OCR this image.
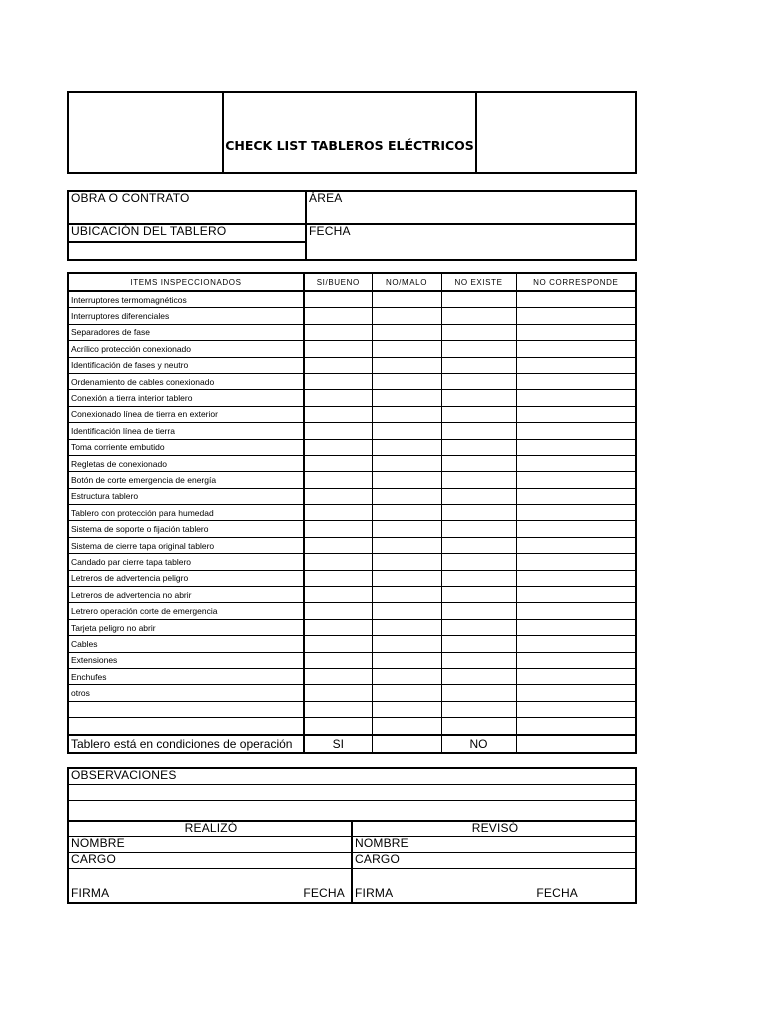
	CHECK LIST TABLEROS ELÉCTRICOS	
OBRA O CONTRATO	ÁREA
UBICACIÓN DEL TABLERO	FECHA

ITEMS INSPECCIONADOS	SI/BUENO	NO/MALO	NO EXISTE	NO CORRESPONDE
Interruptores termomagnéticos				
Interruptores diferenciales				
Separadores de fase				
Acrílico protección conexionado				
Identificación de fases y neutro				
Ordenamiento de cables conexionado				
Conexión a tierra interior tablero				
Conexionado línea de tierra en exterior				
Identificación línea de tierra				
Toma corriente embutido				
Regletas de conexionado				
Botón de corte emergencia de energía				
Estructura tablero				
Tablero con protección para humedad				
Sistema de soporte o fijación tablero				
Sistema de cierre tapa original tablero				
Candado par cierre tapa tablero				
Letreros de advertencia peligro				
Letreros de advertencia no abrir				
Letrero operación corte de emergencia				
Tarjeta peligro no abrir				
Cables				
Extensiones				
Enchufes				
otros				

Tablero está en condiciones de operación	SI		NO	
OBSERVACIONES	

REALIZÓ	REVISÓ
NOMBRE	NOMBRE
CARGO	CARGO

FIRMA FECHA	FIRMA FECHA
